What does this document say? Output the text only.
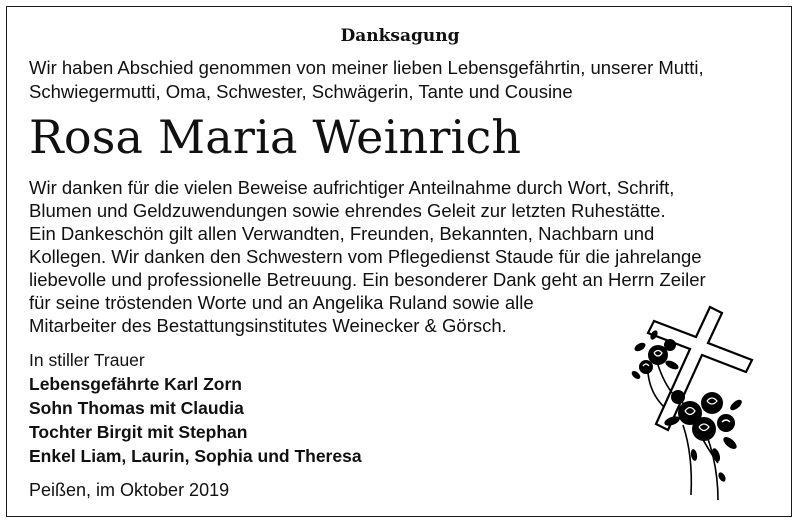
Danksagung
Wir haben Abschied genommen von meiner lieben Lebensgefährtin, unserer Mutti,
Schwiegermutti, Oma, Schwester, Schwägerin, Tante und Cousine
Rosa Maria Weinrich
Wir danken für die vielen Beweise aufrichtiger Anteilnahme durch Wort, Schrift,
Blumen und Geldzuwendungen sowie ehrendes Geleit zur letzten Ruhestätte.
Ein Dankeschön gilt allen Verwandten, Freunden, Bekannten, Nachbarn und
Kollegen. Wir danken den Schwestern vom Pflegedienst Staude für die jahrelange
liebevolle und professionelle Betreuung. Ein besonderer Dank geht an Herrn Zeiler
für seine tröstenden Worte und an Angelika Ruland sowie alle
Mitarbeiter des Bestattungsinstitutes Weinecker & Görsch.
In stiller Trauer
Lebensgefährte Karl Zorn
Sohn Thomas mit Claudia
Tochter Birgit mit Stephan
Enkel Liam, Laurin, Sophia und Theresa
Peißen, im Oktober 2019
